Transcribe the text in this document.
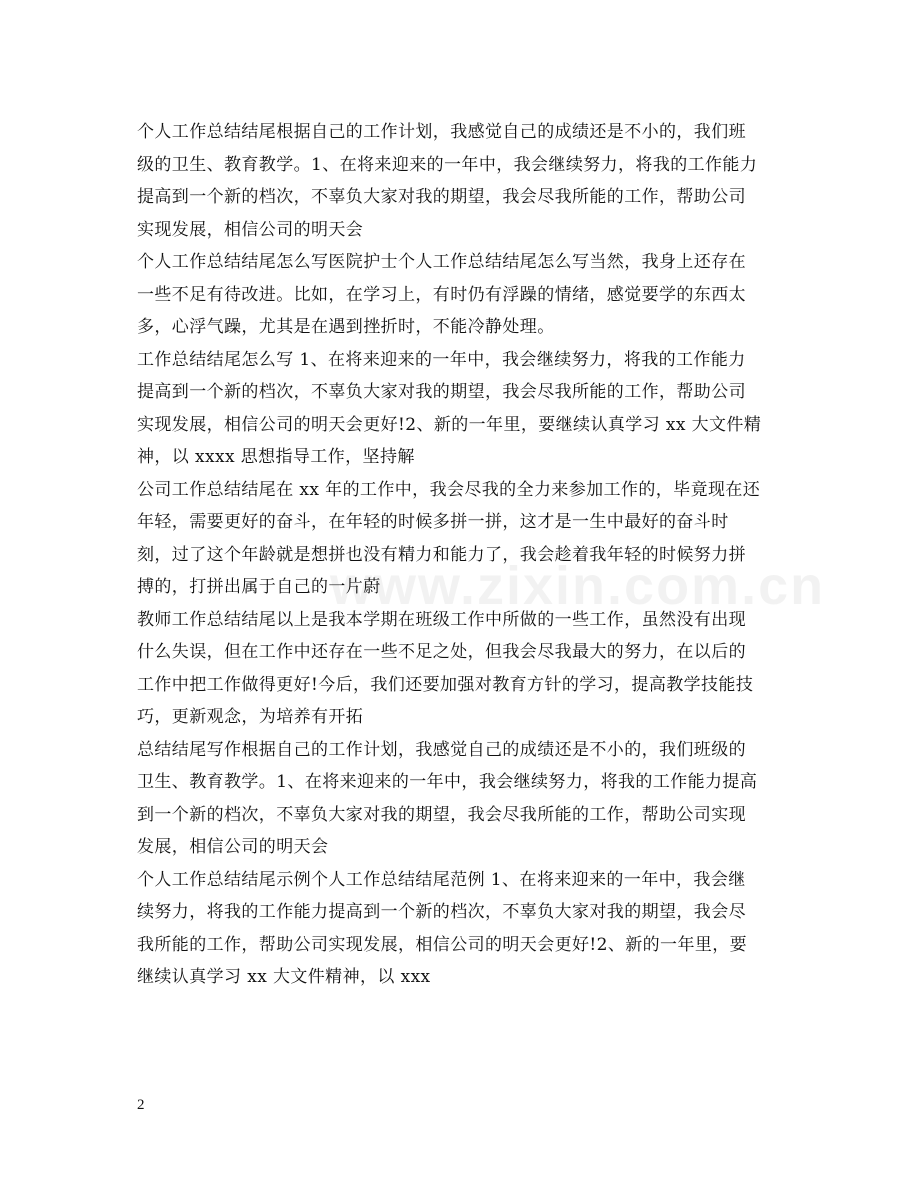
www.zixin.com.cn
个人工作总结结尾根据自己的工作计划，我感觉自己的成绩还是不小的，我们班
级的卫生、教育教学。1、在将来迎来的一年中，我会继续努力，将我的工作能力
提高到一个新的档次，不辜负大家对我的期望，我会尽我所能的工作，帮助公司
实现发展，相信公司的明天会
个人工作总结结尾怎么写医院护士个人工作总结结尾怎么写当然，我身上还存在
一些不足有待改进。比如，在学习上，有时仍有浮躁的情绪，感觉要学的东西太
多，心浮气躁，尤其是在遇到挫折时，不能冷静处理。
工作总结结尾怎么写 1、在将来迎来的一年中，我会继续努力，将我的工作能力
提高到一个新的档次，不辜负大家对我的期望，我会尽我所能的工作，帮助公司
实现发展，相信公司的明天会更好!2、新的一年里，要继续认真学习 xx 大文件精
神，以 xxxx 思想指导工作，坚持解
公司工作总结结尾在 xx 年的工作中，我会尽我的全力来参加工作的，毕竟现在还
年轻，需要更好的奋斗，在年轻的时候多拼一拼，这才是一生中最好的奋斗时
刻，过了这个年龄就是想拼也没有精力和能力了，我会趁着我年轻的时候努力拼
搏的，打拼出属于自己的一片蔚
教师工作总结结尾以上是我本学期在班级工作中所做的一些工作，虽然没有出现
什么失误，但在工作中还存在一些不足之处，但我会尽我最大的努力，在以后的
工作中把工作做得更好!今后，我们还要加强对教育方针的学习，提高教学技能技
巧，更新观念，为培养有开拓
总结结尾写作根据自己的工作计划，我感觉自己的成绩还是不小的，我们班级的
卫生、教育教学。1、在将来迎来的一年中，我会继续努力，将我的工作能力提高
到一个新的档次，不辜负大家对我的期望，我会尽我所能的工作，帮助公司实现
发展，相信公司的明天会
个人工作总结结尾示例个人工作总结结尾范例 1、在将来迎来的一年中，我会继
续努力，将我的工作能力提高到一个新的档次，不辜负大家对我的期望，我会尽
我所能的工作，帮助公司实现发展，相信公司的明天会更好!2、新的一年里，要
继续认真学习 xx 大文件精神，以 xxx
2
